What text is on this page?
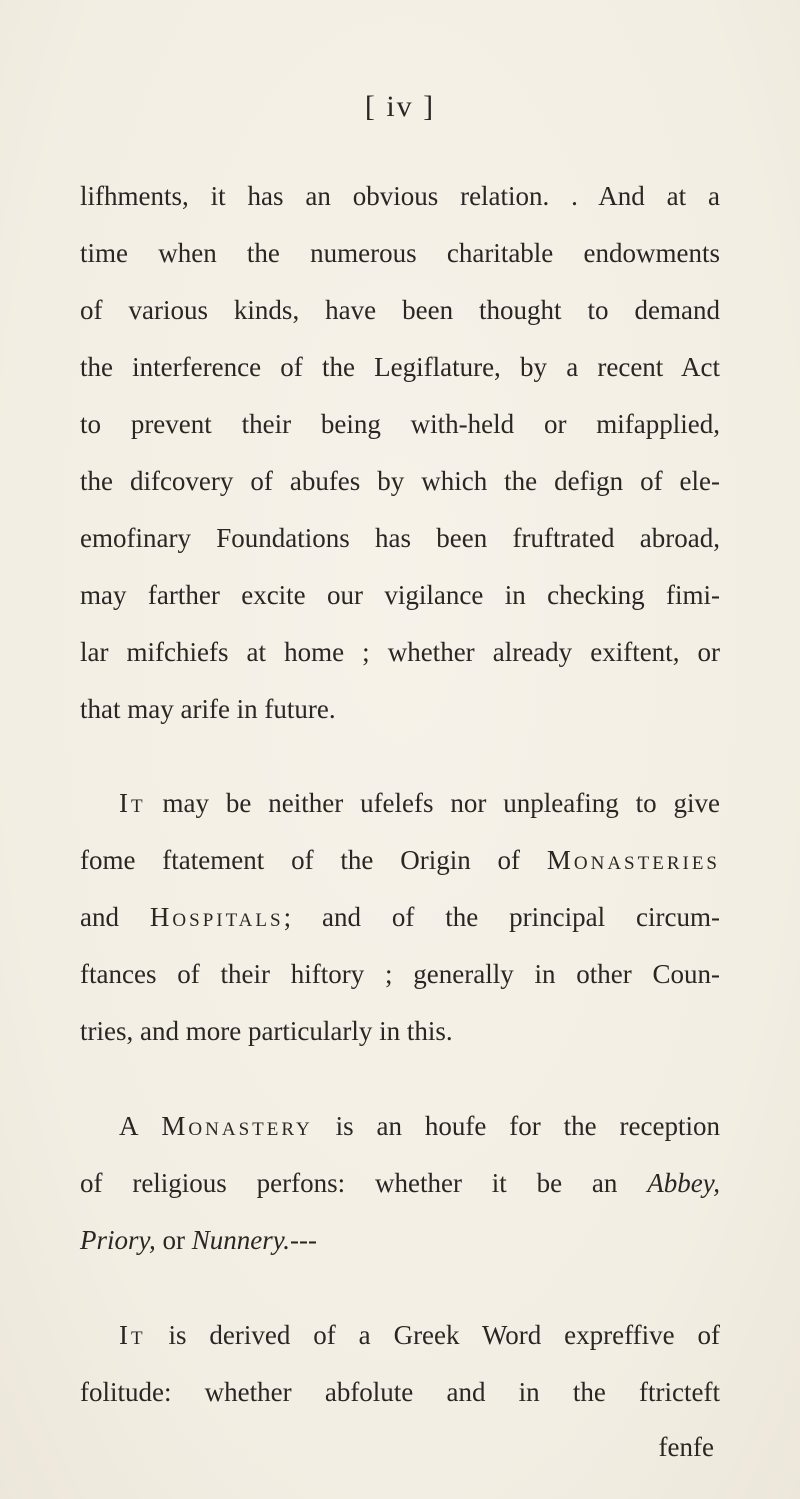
[ iv ]
lifhments, it has an obvious relation. . And at a
time when the numerous charitable endowments
of various kinds, have been thought to demand
the interference of the Legiflature, by a recent Act
to prevent their being with-held or mifapplied,
the difcovery of abufes by which the defign of ele-
emofinary Foundations has been fruftrated abroad,
may farther excite our vigilance in checking fimi-
lar mifchiefs at home ; whether already exiftent, or
that may arife in future.
It may be neither ufelefs nor unpleafing to give
fome ftatement of the Origin of Monasteries
and Hospitals; and of the principal circum-
ftances of their hiftory ; generally in other Coun-
tries, and more particularly in this.
A Monastery is an houfe for the reception
of religious perfons: whether it be an Abbey,
Priory, or Nunnery.---
It is derived of a Greek Word expreffive of
folitude: whether abfolute and in the ftricteft
fenfe
